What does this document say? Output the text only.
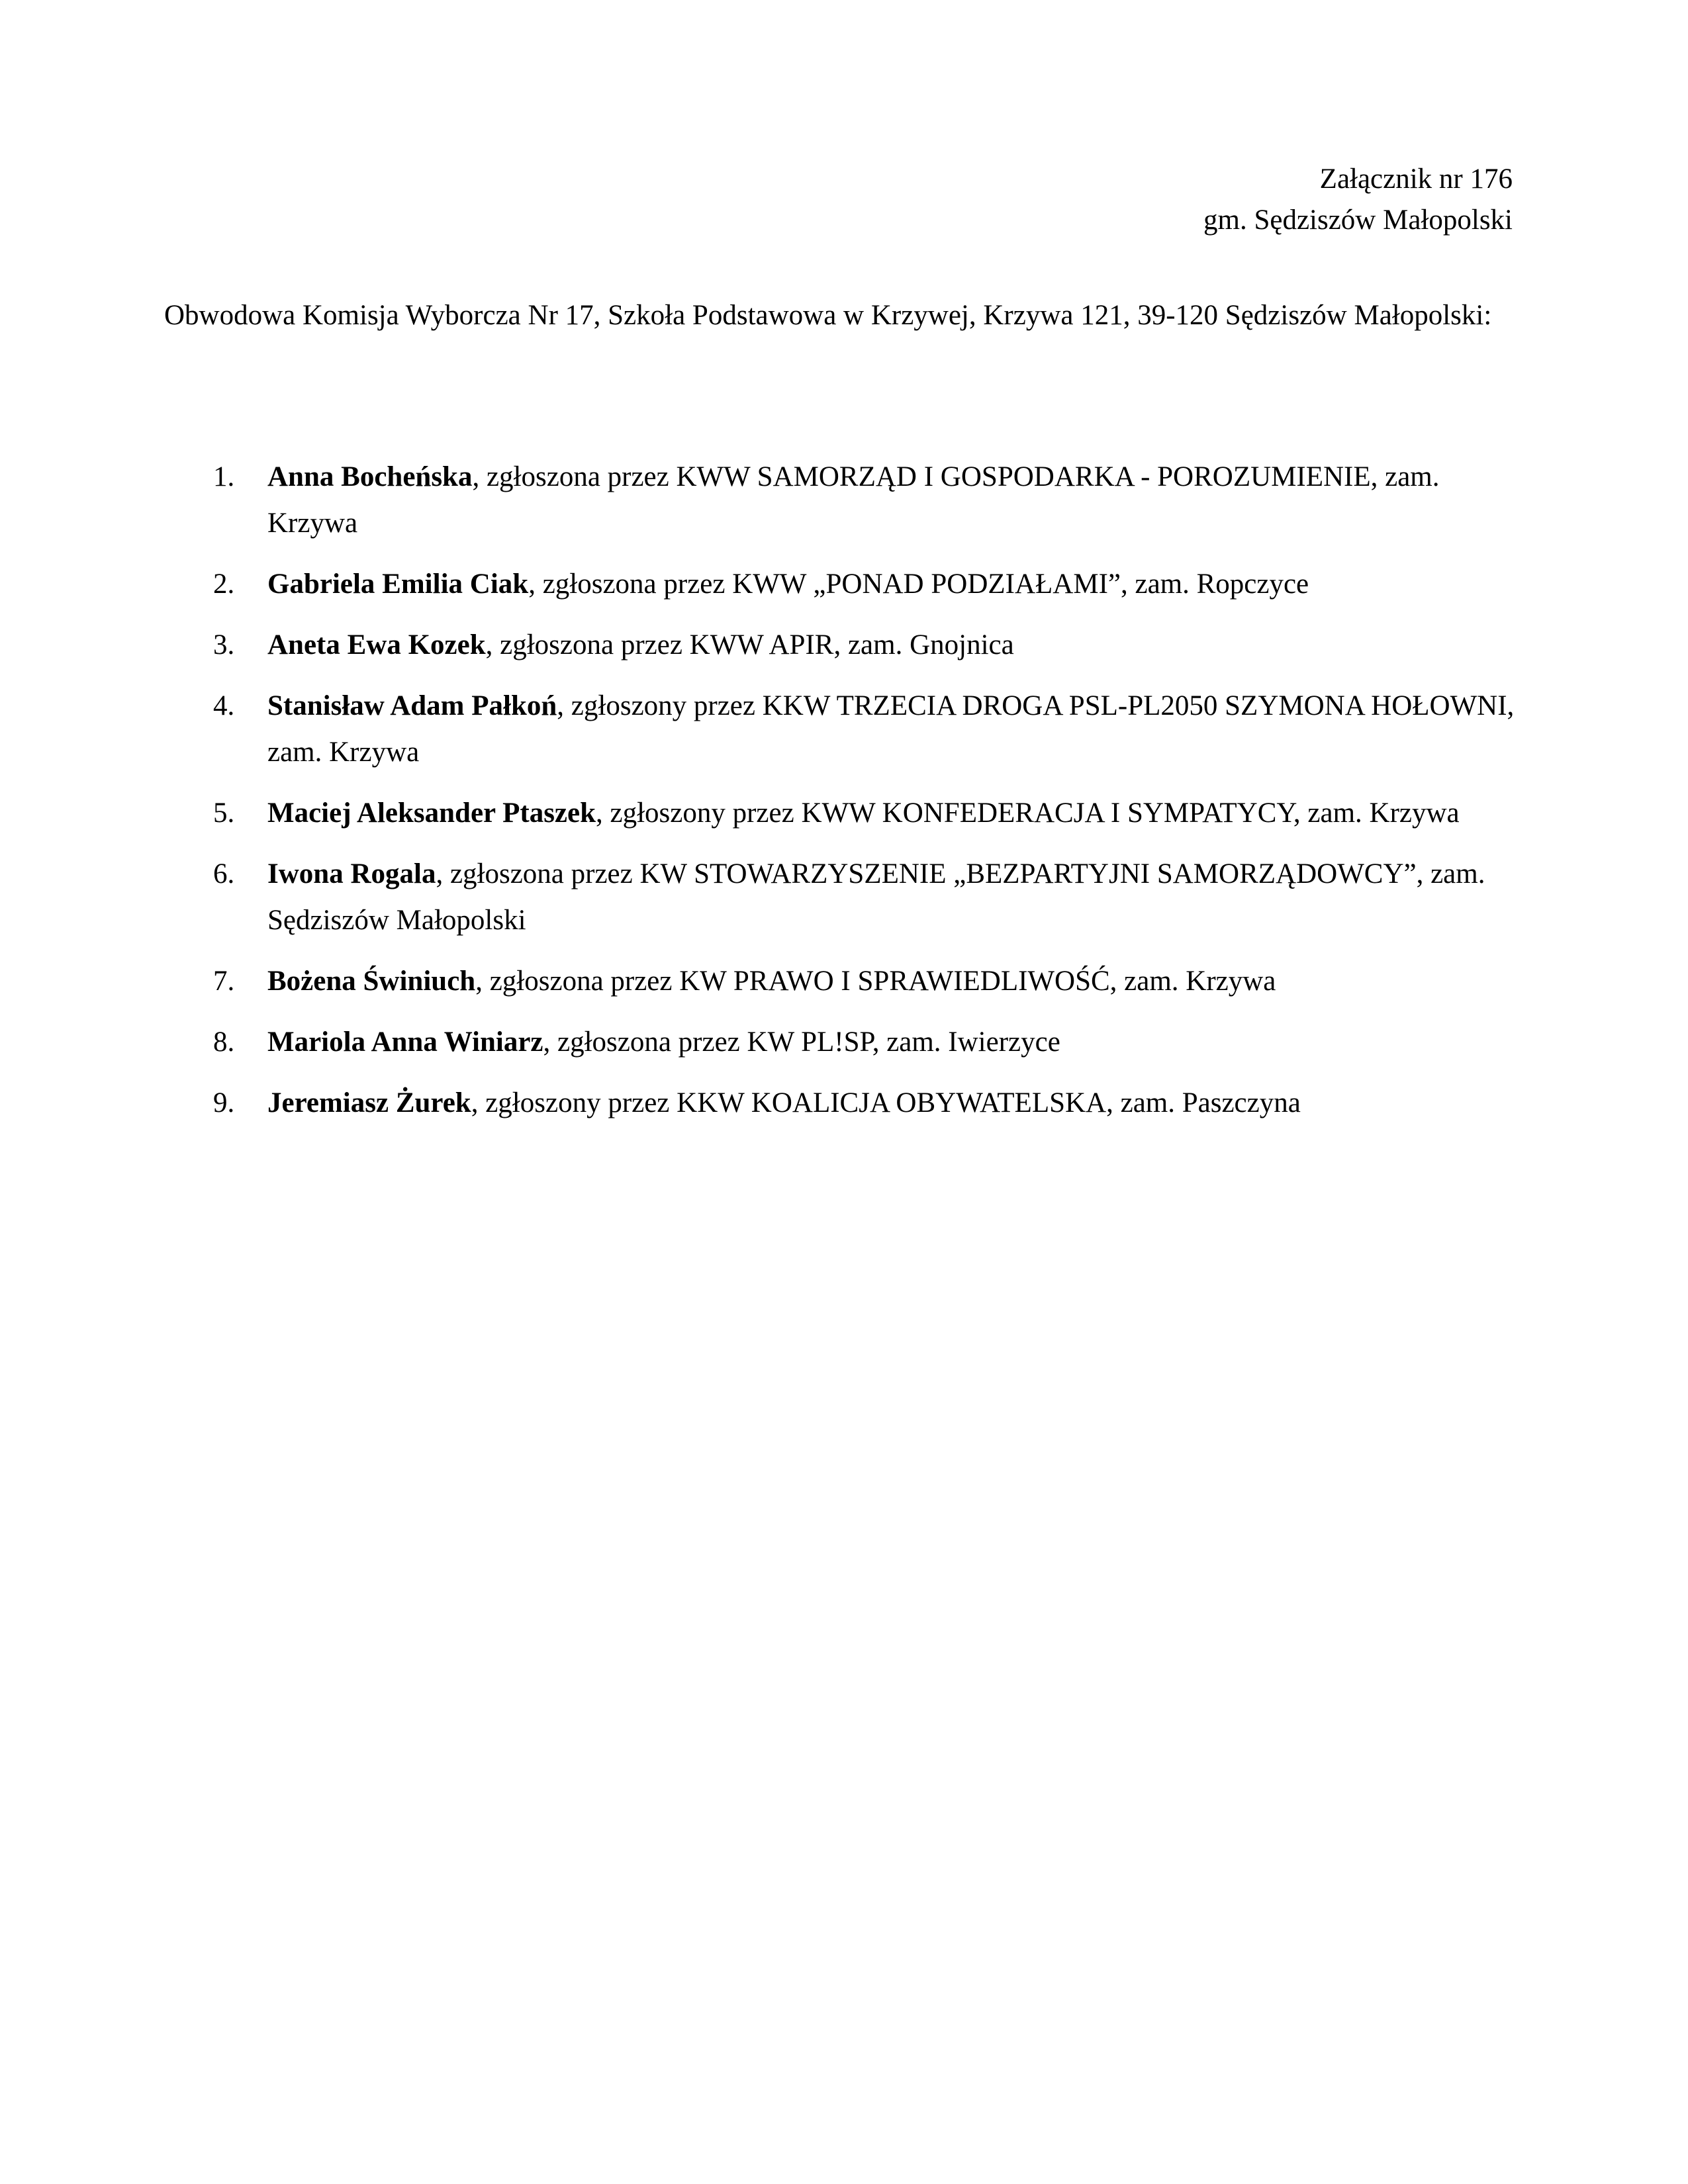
Załącznik nr 176
gm. Sędziszów Małopolski

Obwodowa Komisja Wyborcza Nr 17, Szkoła Podstawowa w Krzywej, Krzywa 121, 39-120 Sędziszów Małopolski:

1. Anna Bocheńska, zgłoszona przez KWW SAMORZĄD I GOSPODARKA - POROZUMIENIE, zam. Krzywa
2. Gabriela Emilia Ciak, zgłoszona przez KWW „PONAD PODZIAŁAMI”, zam. Ropczyce
3. Aneta Ewa Kozek, zgłoszona przez KWW APIR, zam. Gnojnica
4. Stanisław Adam Pałkoń, zgłoszony przez KKW TRZECIA DROGA PSL-PL2050 SZYMONA HOŁOWNI, zam. Krzywa
5. Maciej Aleksander Ptaszek, zgłoszony przez KWW KONFEDERACJA I SYMPATYCY, zam. Krzywa
6. Iwona Rogala, zgłoszona przez KW STOWARZYSZENIE „BEZPARTYJNI SAMORZĄDOWCY”, zam. Sędziszów Małopolski
7. Bożena Świniuch, zgłoszona przez KW PRAWO I SPRAWIEDLIWOŚĆ, zam. Krzywa
8. Mariola Anna Winiarz, zgłoszona przez KW PL!SP, zam. Iwierzyce
9. Jeremiasz Żurek, zgłoszony przez KKW KOALICJA OBYWATELSKA, zam. Paszczyna
